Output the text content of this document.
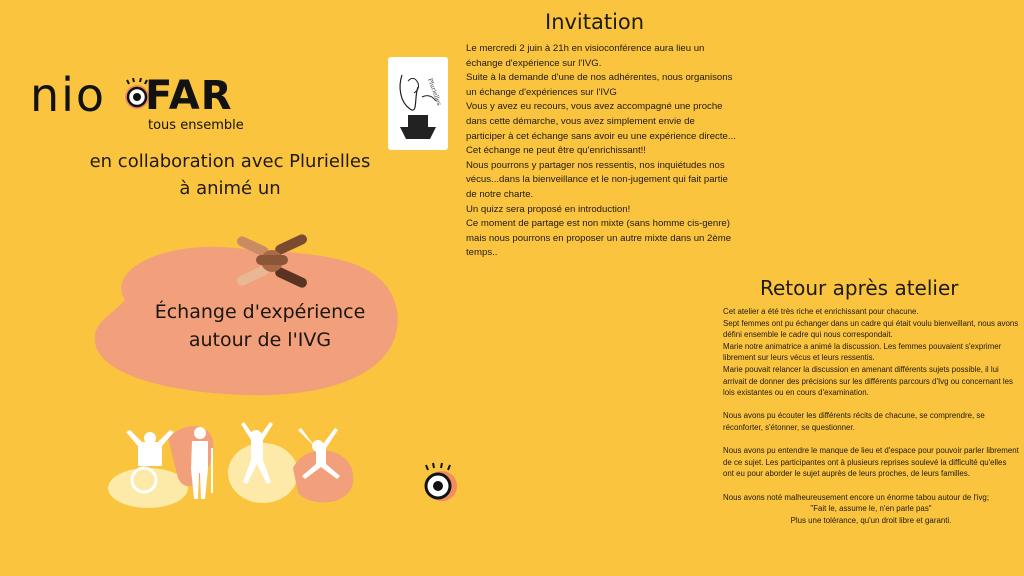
nio FAR
tous ensemble
en collaboration avec Plurielles
à animé un
Échange d'expérience
autour de l'IVG
Plurielles
Invitation

Le mercredi 2 juin à 21h en visioconférence aura lieu un échange d'expérience sur l'IVG.

Suite à la demande d'une de nos adhérentes, nous organisons un échange d'expériences sur l'IVG

Vous y avez eu recours, vous avez accompagné une proche dans cette démarche, vous avez simplement envie de participer à cet échange sans avoir eu une expérience directe...

Cet échange ne peut être qu'enrichissant!!

Nous pourrons y partager nos ressentis, nos inquiétudes nos vécus...dans la bienveillance et le non-jugement qui fait partie de notre charte.

Un quizz sera proposé en introduction!

Ce moment de partage est non mixte (sans homme cis-genre) mais nous pourrons en proposer un autre mixte dans un 2ème temps..

Retour après atelier

Cet atelier a été très riche et enrichissant pour chacune.

Sept femmes ont pu échanger dans un cadre qui était voulu bienveillant, nous avons défini ensemble le cadre qui nous correspondait.

Marie notre animatrice a animé la discussion. Les femmes pouvaient s'exprimer librement sur leurs vécus et leurs ressentis.

Marie pouvait relancer la discussion en amenant différents sujets possible, il lui arrivait de donner des précisions sur les différents parcours d'Ivg ou concernant les lois existantes ou en cours d'examination.

Nous avons pu écouter les différents récits de chacune, se comprendre, se réconforter, s'étonner, se questionner.

Nous avons pu entendre le manque de lieu et d'espace pour pouvoir parler librement de ce sujet. Les participantes ont à plusieurs reprises soulevé la difficulté qu'elles ont eu pour aborder le sujet auprès de leurs proches, de leurs familles.

Nous avons noté malheureusement encore un énorme tabou autour de l'ivg;

"Fait le, assume le, n'en parle pas"

Plus une tolérance, qu'un droit libre et garanti.
